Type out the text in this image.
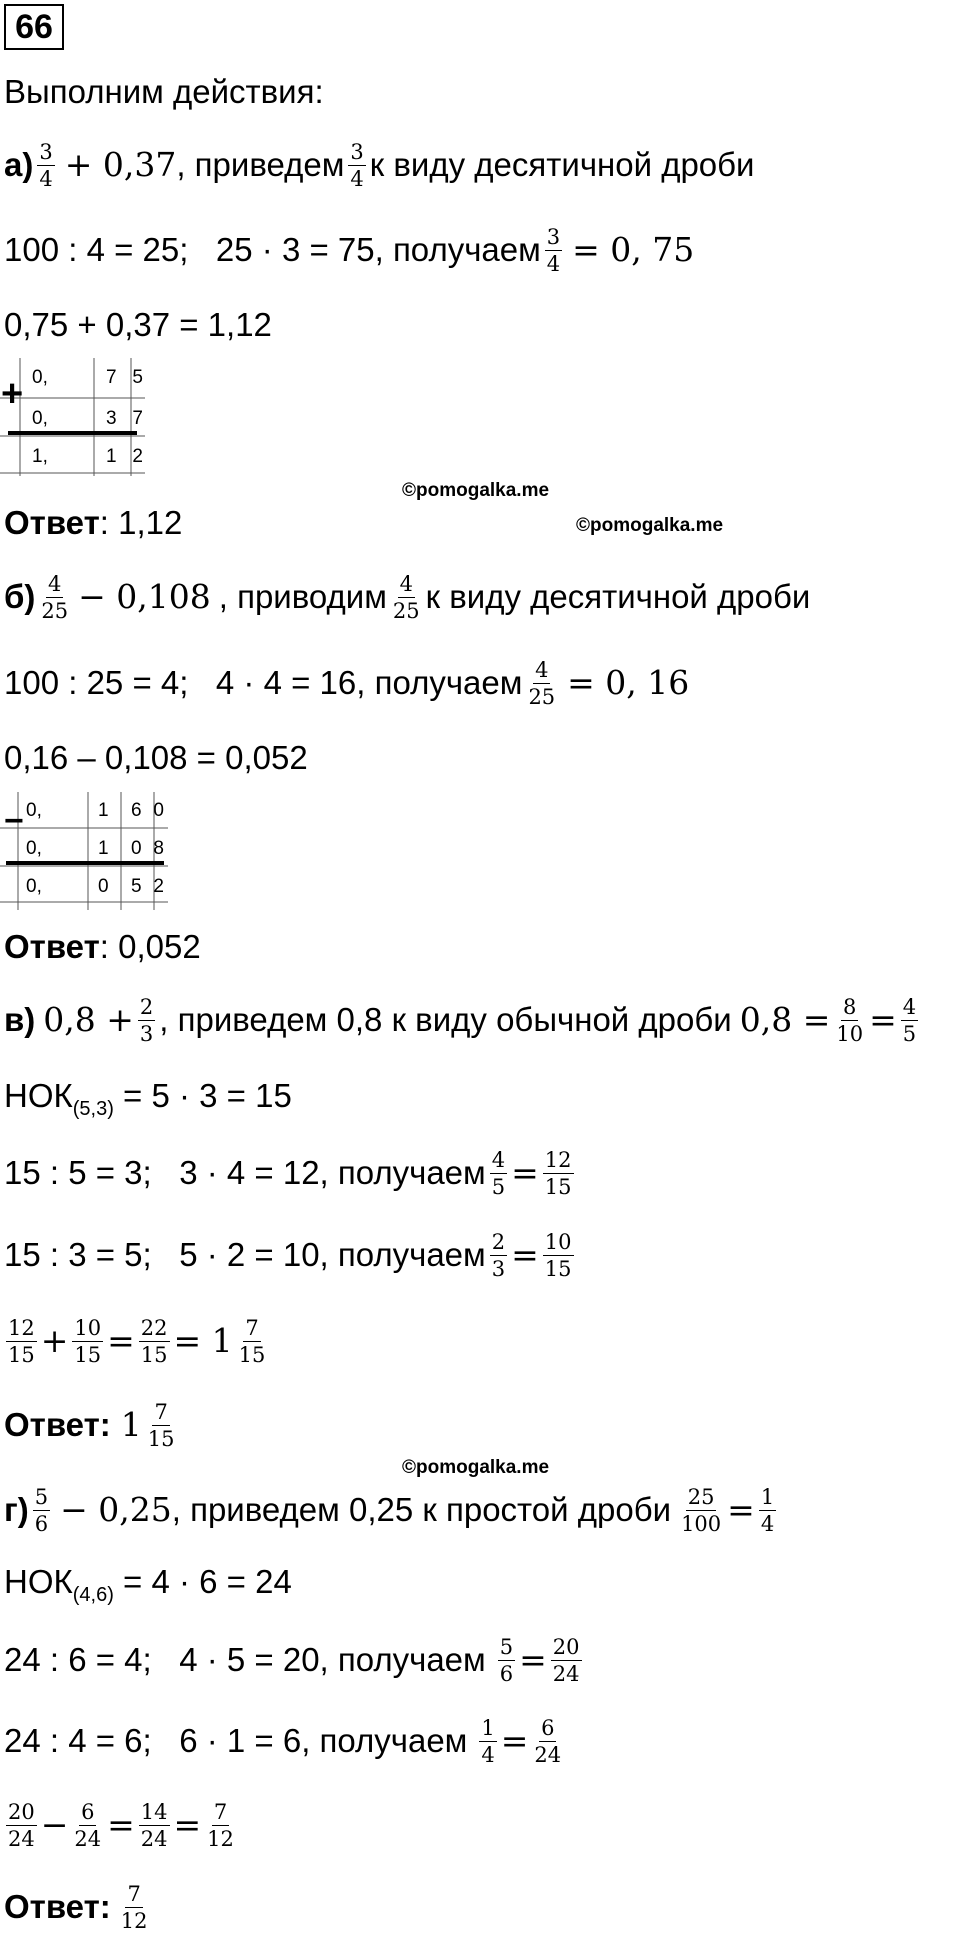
66
Выполним действия:
$а) \frac{3}{4} + 0,37$ , приведем $\frac{3}{4}$ к виду десятичной дроби
100 : 4 = 25;   25 · 3 = 75, получаем $\frac{3}{4} = 0$, 75
0,75 + 0,37 = 1,12
+ 0,	7 5
0,	3 7
1,	1 2
©pomogalka.me
Ответ: 1,12	©pomogalka.me
$б) \frac{4}{25} - 0,108$ , приводим $\frac{4}{25}$ к виду десятичной дроби
100 : 25 = 4;   4 · 4 = 16, получаем $\frac{4}{25} = 0$, 16
0,16 – 0,108 = 0,052
− 0,	1 6 0
0,	1 0 8
0,	0 5 2
Ответ: 0,052
в) $0,8 + \frac{2}{3}$ , приведем 0,8 к виду обычной дроби $0,8 = \frac{8}{10} = \frac{4}{5}$
$НОК_{(5,3)} = 5 \cdot 3 = 15$
15 : 5 = 3;   3 · 4 = 12, получаем $\frac{4}{5} = \frac{12}{15}$
15 : 3 = 5;   5 · 2 = 10, получаем $\frac{2}{3} = \frac{10}{15}$
$\frac{12}{15} + \frac{10}{15} = \frac{22}{15} = 1 \frac{7}{15}$
Ответ: $1 \frac{7}{15}$
©pomogalka.me
$г) \frac{5}{6} - 0,25$ , приведем 0,25 к простой дроби $\frac{25}{100} = \frac{1}{4}$
$НОК_{(4,6)} = 4 \cdot 6 = 24$
24 : 6 = 4;   4 · 5 = 20, получаем $\frac{5}{6} = \frac{20}{24}$
24 : 4 = 6;   6 · 1 = 6, получаем $\frac{1}{4} = \frac{6}{24}$
$\frac{20}{24} - \frac{6}{24} = \frac{14}{24} = \frac{7}{12}$
Ответ: $\frac{7}{12}$
